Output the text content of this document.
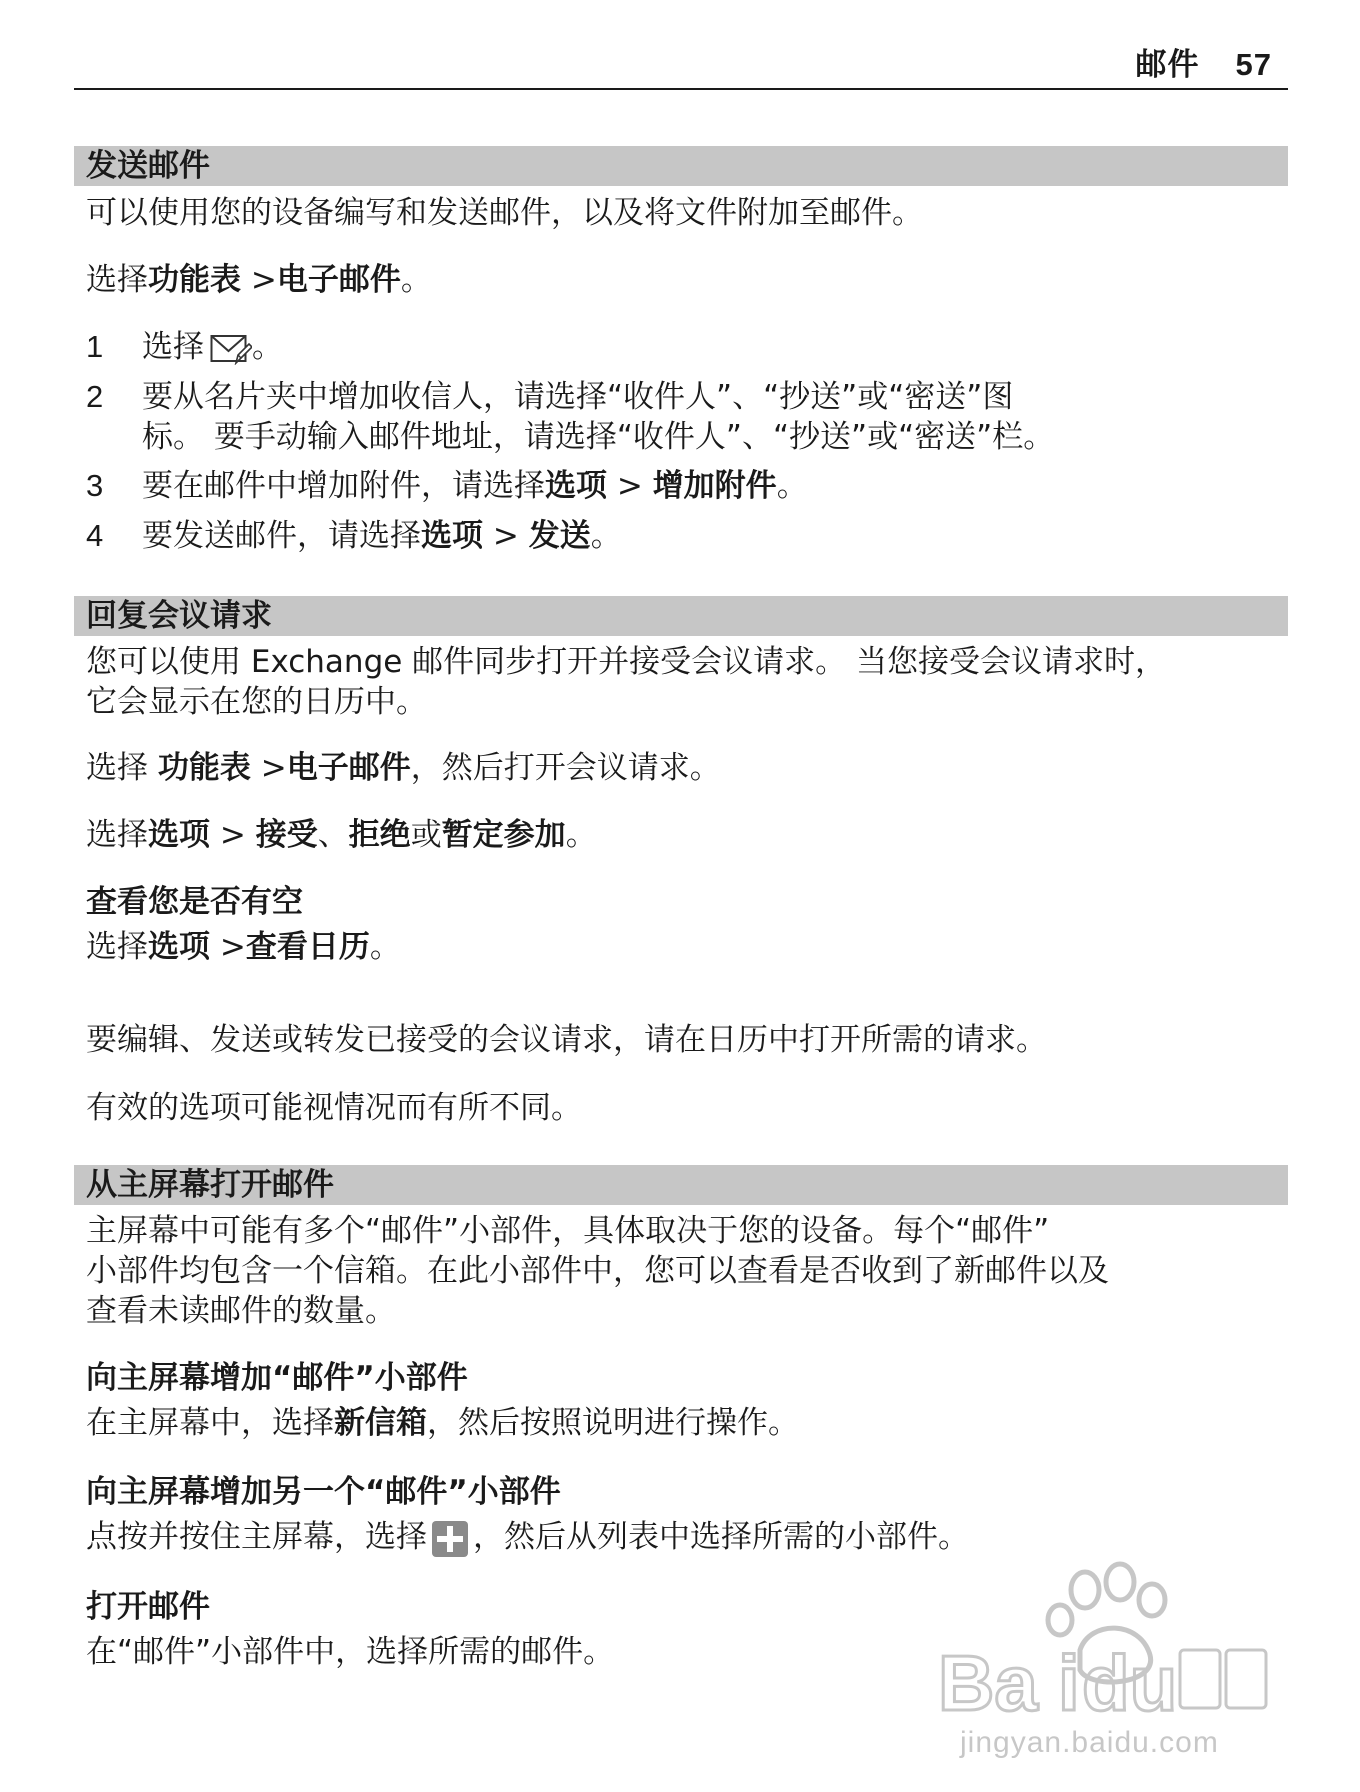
邮件 57
发送邮件
可以使用您的设备编写和发送邮件，以及将文件附加至邮件。
选择功能表 >电子邮件。
1 选择 。
2 要从名片夹中增加收信人，请选择“收件人”、“抄送”或“密送”图
标。 要手动输入邮件地址，请选择“收件人”、“抄送”或“密送”栏。
3 要在邮件中增加附件，请选择选项 > 增加附件。
4 要发送邮件，请选择选项 > 发送。
回复会议请求
您可以使用 Exchange 邮件同步打开并接受会议请求。 当您接受会议请求时，
它会显示在您的日历中。
选择 功能表 >电子邮件，然后打开会议请求。
选择选项 > 接受、拒绝或暂定参加。
查看您是否有空
选择选项 >查看日历。
要编辑、发送或转发已接受的会议请求，请在日历中打开所需的请求。
有效的选项可能视情况而有所不同。
从主屏幕打开邮件
主屏幕中可能有多个“邮件”小部件，具体取决于您的设备。每个“邮件”
小部件均包含一个信箱。在此小部件中，您可以查看是否收到了新邮件以及
查看未读邮件的数量。
向主屏幕增加“邮件”小部件
在主屏幕中，选择新信箱，然后按照说明进行操作。
向主屏幕增加另一个“邮件”小部件
点按并按住主屏幕，选择 ，然后从列表中选择所需的小部件。
打开邮件
在“邮件”小部件中，选择所需的邮件。	Ba i du
jingyan.baidu.com
